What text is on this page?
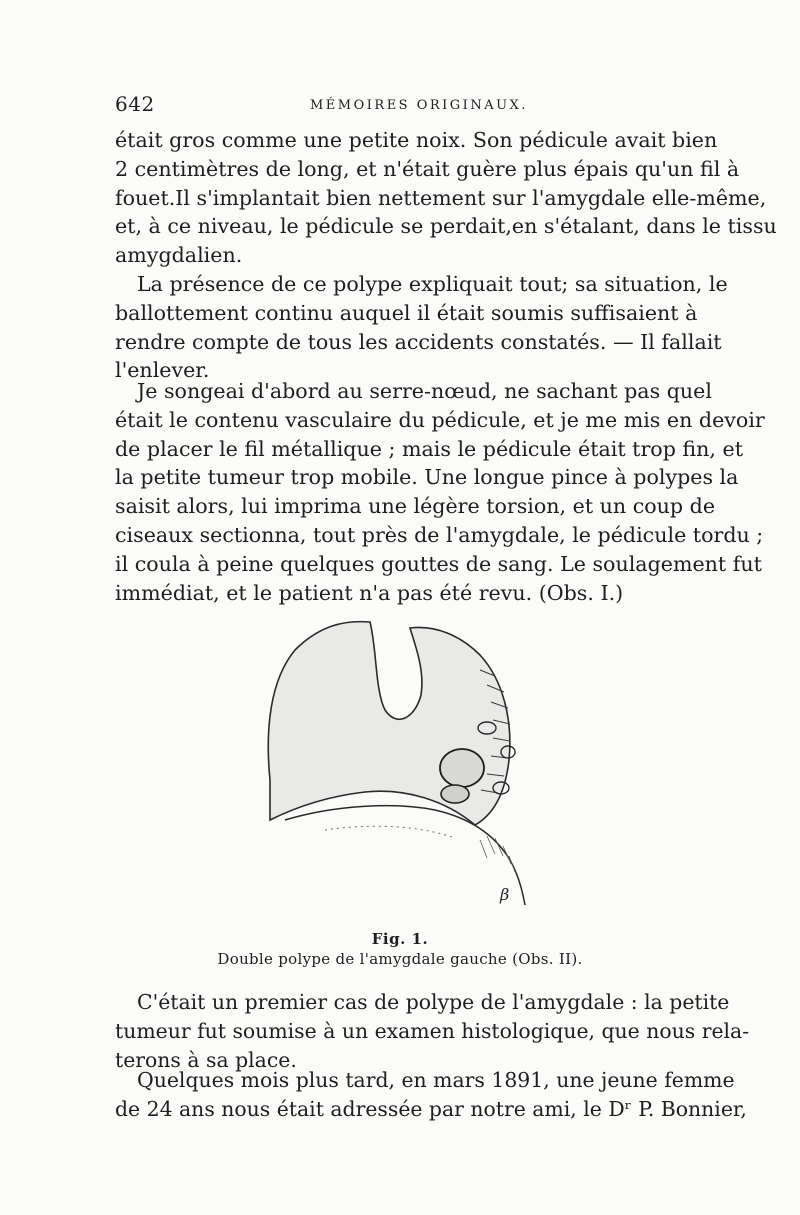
642	MÉMOIRES ORIGINAUX.
était gros comme une petite noix. Son pédicule avait bien
2 centimètres de long, et n'était guère plus épais qu'un fil à
fouet.Il s'implantait bien nettement sur l'amygdale elle-même,
et, à ce niveau, le pédicule se perdait,en s'étalant, dans le tissu
amygdalien.
La présence de ce polype expliquait tout; sa situation, le
ballottement continu auquel il était soumis suffisaient à
rendre compte de tous les accidents constatés. — Il fallait
l'enlever.
Je songeai d'abord au serre-nœud, ne sachant pas quel
était le contenu vasculaire du pédicule, et je me mis en devoir
de placer le fil métallique ; mais le pédicule était trop fin, et
la petite tumeur trop mobile. Une longue pince à polypes la
saisit alors, lui imprima une légère torsion, et un coup de
ciseaux sectionna, tout près de l'amygdale, le pédicule tordu ;
il coula à peine quelques gouttes de sang. Le soulagement fut
immédiat, et le patient n'a pas été revu. (Obs. I.)
β
Fig. 1.
Double polype de l'amygdale gauche (Obs. II).
C'était un premier cas de polype de l'amygdale : la petite
tumeur fut soumise à un examen histologique, que nous rela-
terons à sa place.
Quelques mois plus tard, en mars 1891, une jeune femme
de 24 ans nous était adressée par notre ami, le Dʳ P. Bonnier,
